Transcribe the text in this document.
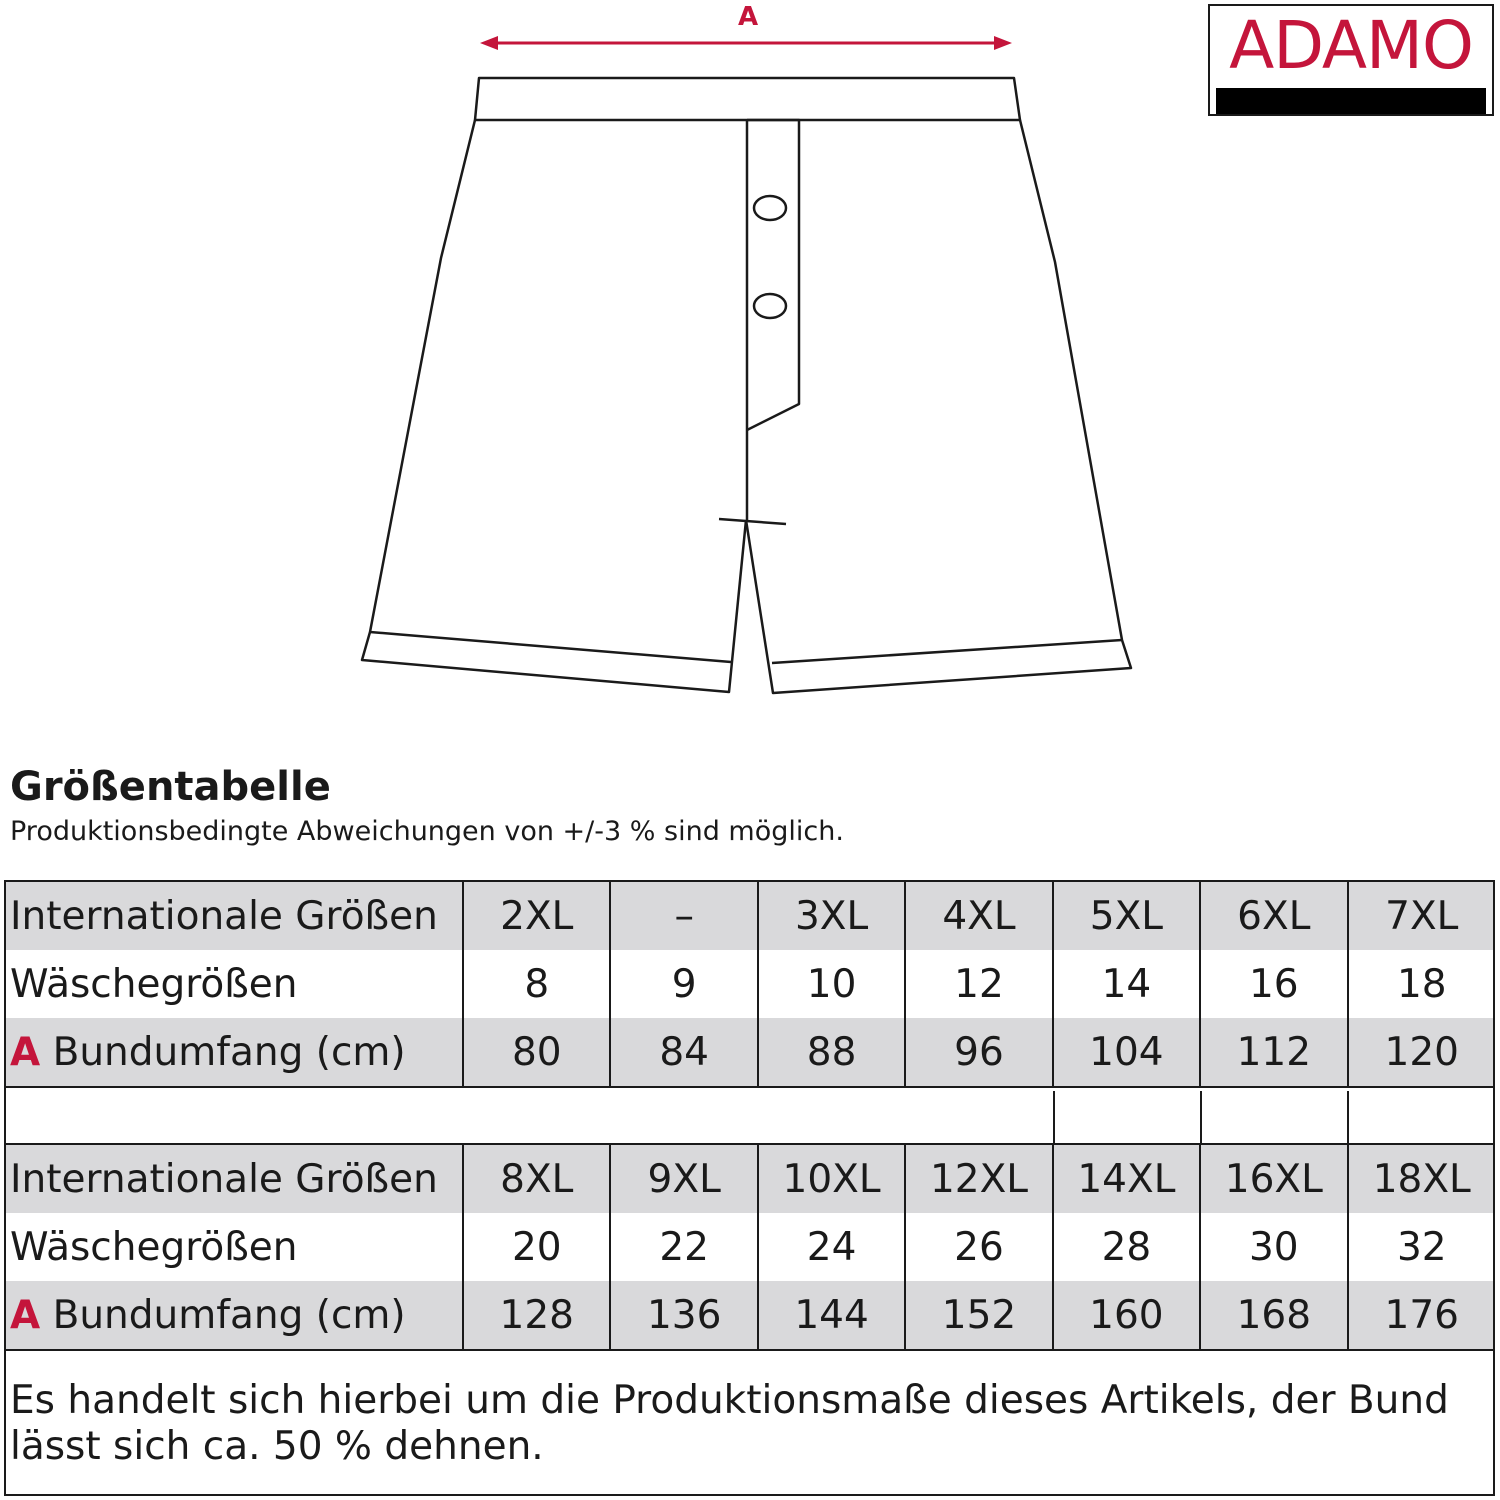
A	ADAMO
Größentabelle
Produktionsbedingte Abweichungen von +/-3 % sind möglich.
Internationale Größen	2XL	–	3XL	4XL	5XL	6XL	7XL
Wäschegrößen	8	9	10	12	14	16	18
A Bundumfang (cm)	80	84	88	96	104	112	120
Internationale Größen	8XL	9XL	10XL	12XL	14XL	16XL	18XL
Wäschegrößen	20	22	24	26	28	30	32
A Bundumfang (cm)	128	136	144	152	160	168	176
Es handelt sich hierbei um die Produktionsmaße dieses Artikels, der Bund lässt sich ca. 50 % dehnen.
